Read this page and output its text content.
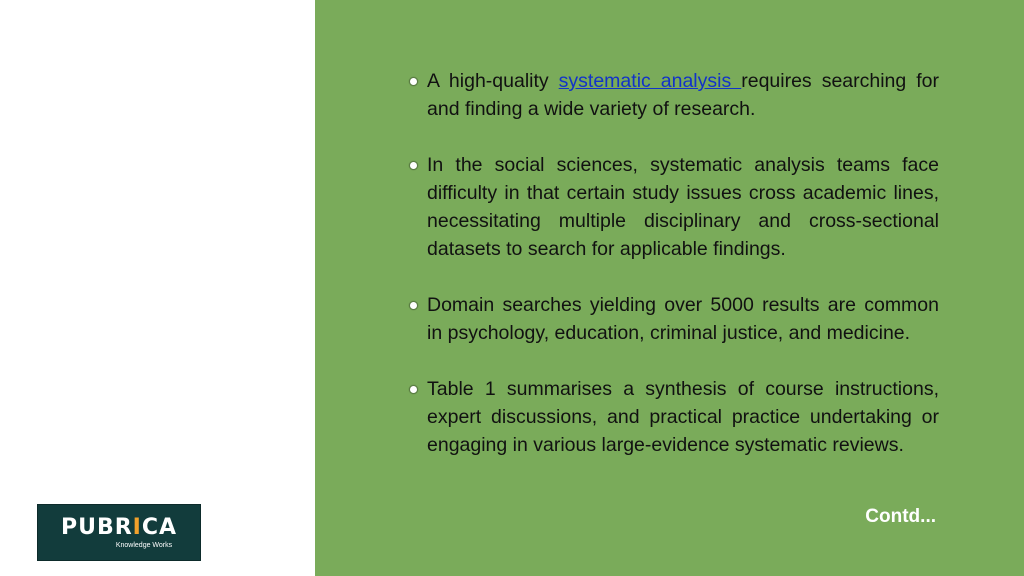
A high-quality systematic analysis requires searching for and finding a wide variety of research.
In the social sciences, systematic analysis teams face difficulty in that certain study issues cross academic lines, necessitating multiple disciplinary and cross-sectional datasets to search for applicable findings.
Domain searches yielding over 5000 results are common in psychology, education, criminal justice, and medicine.
Table 1 summarises a synthesis of course instructions, expert discussions, and practical practice undertaking or engaging in various large-evidence systematic reviews.
Contd...
PUBRICA
Knowledge Works
